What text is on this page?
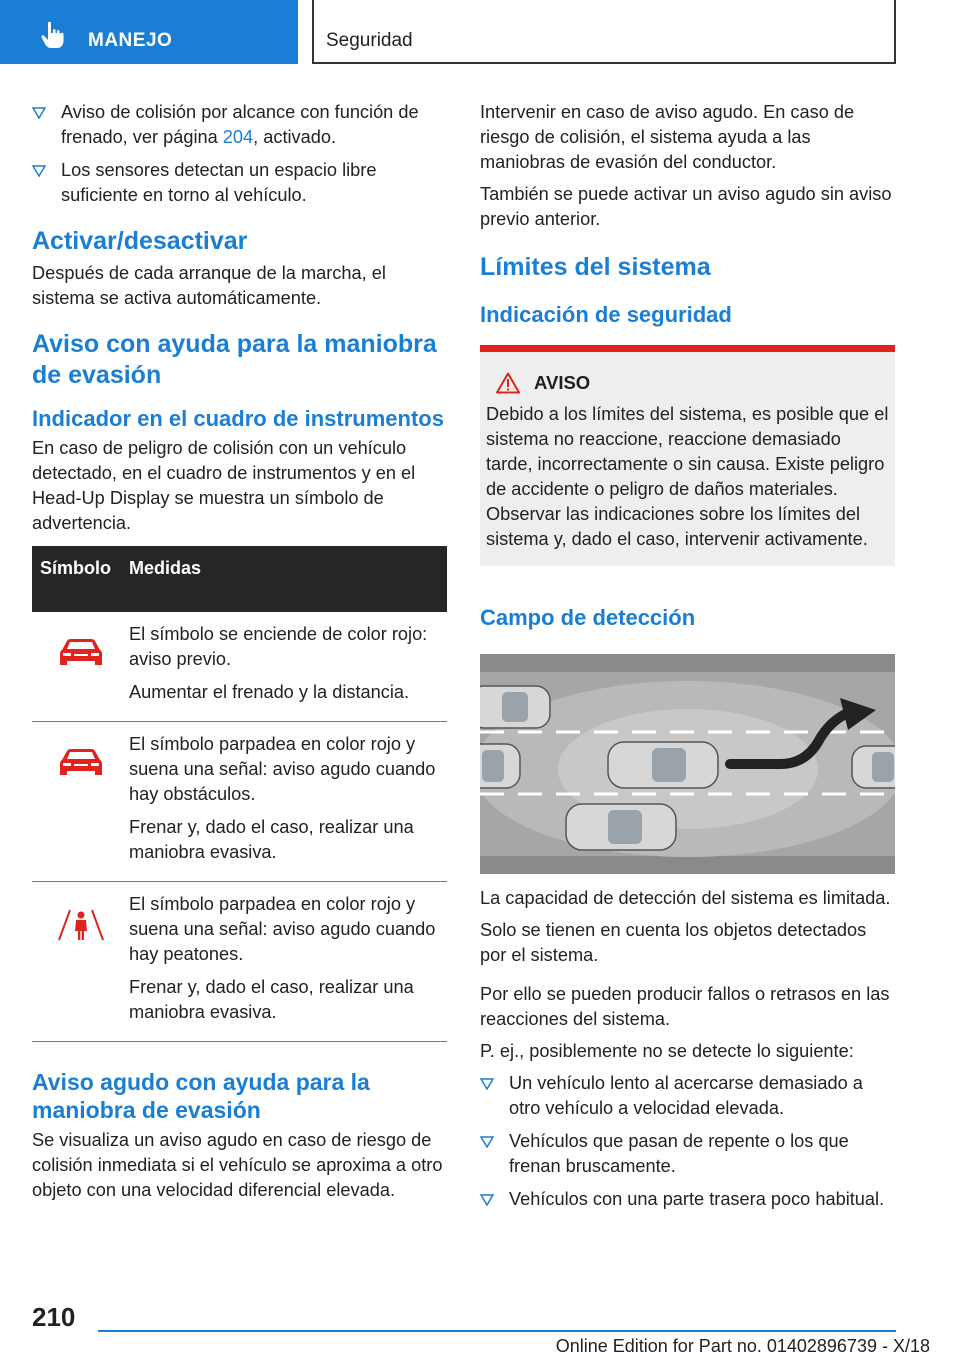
MANEJO	Seguridad
Aviso de colisión por alcance con función de frenado, ver página 204, activado.
Los sensores detectan un espacio libre suficiente en torno al vehículo.
Activar/desactivar

Después de cada arranque de la marcha, el sistema se activa automáticamente.

Aviso con ayuda para la maniobra de evasión
Indicador en el cuadro de instrumentos

En caso de peligro de colisión con un vehículo detectado, en el cuadro de instrumentos y en el Head-Up Display se muestra un símbolo de advertencia.

Símbolo	Medidas

El símbolo se enciende de color rojo: aviso previo.

Aumentar el frenado y la distancia.

El símbolo parpadea en color rojo y suena una señal: aviso agudo cuando hay obstáculos.

Frenar y, dado el caso, realizar una maniobra evasiva.

El símbolo parpadea en color rojo y suena una señal: aviso agudo cuando hay peatones.

Frenar y, dado el caso, realizar una maniobra evasiva.

Aviso agudo con ayuda para la maniobra de evasión

Se visualiza un aviso agudo en caso de riesgo de colisión inmediata si el vehículo se aproxima a otro objeto con una velocidad diferencial elevada.

Intervenir en caso de aviso agudo. En caso de riesgo de colisión, el sistema ayuda a las maniobras de evasión del conductor.

También se puede activar un aviso agudo sin aviso previo anterior.

Límites del sistema
Indicación de seguridad
AVISO

Debido a los límites del sistema, es posible que el sistema no reaccione, reaccione demasiado tarde, incorrectamente o sin causa. Existe peligro de accidente o peligro de daños materiales. Observar las indicaciones sobre los límites del sistema y, dado el caso, intervenir activamente.

Campo de detección

La capacidad de detección del sistema es limitada.

Solo se tienen en cuenta los objetos detectados por el sistema.

Por ello se pueden producir fallos o retrasos en las reacciones del sistema.

P. ej., posiblemente no se detecte lo siguiente:

Un vehículo lento al acercarse demasiado a otro vehículo a velocidad elevada.
Vehículos que pasan de repente o los que frenan bruscamente.
Vehículos con una parte trasera poco habitual.
210
Online Edition for Part no. 01402896739 - X/18
